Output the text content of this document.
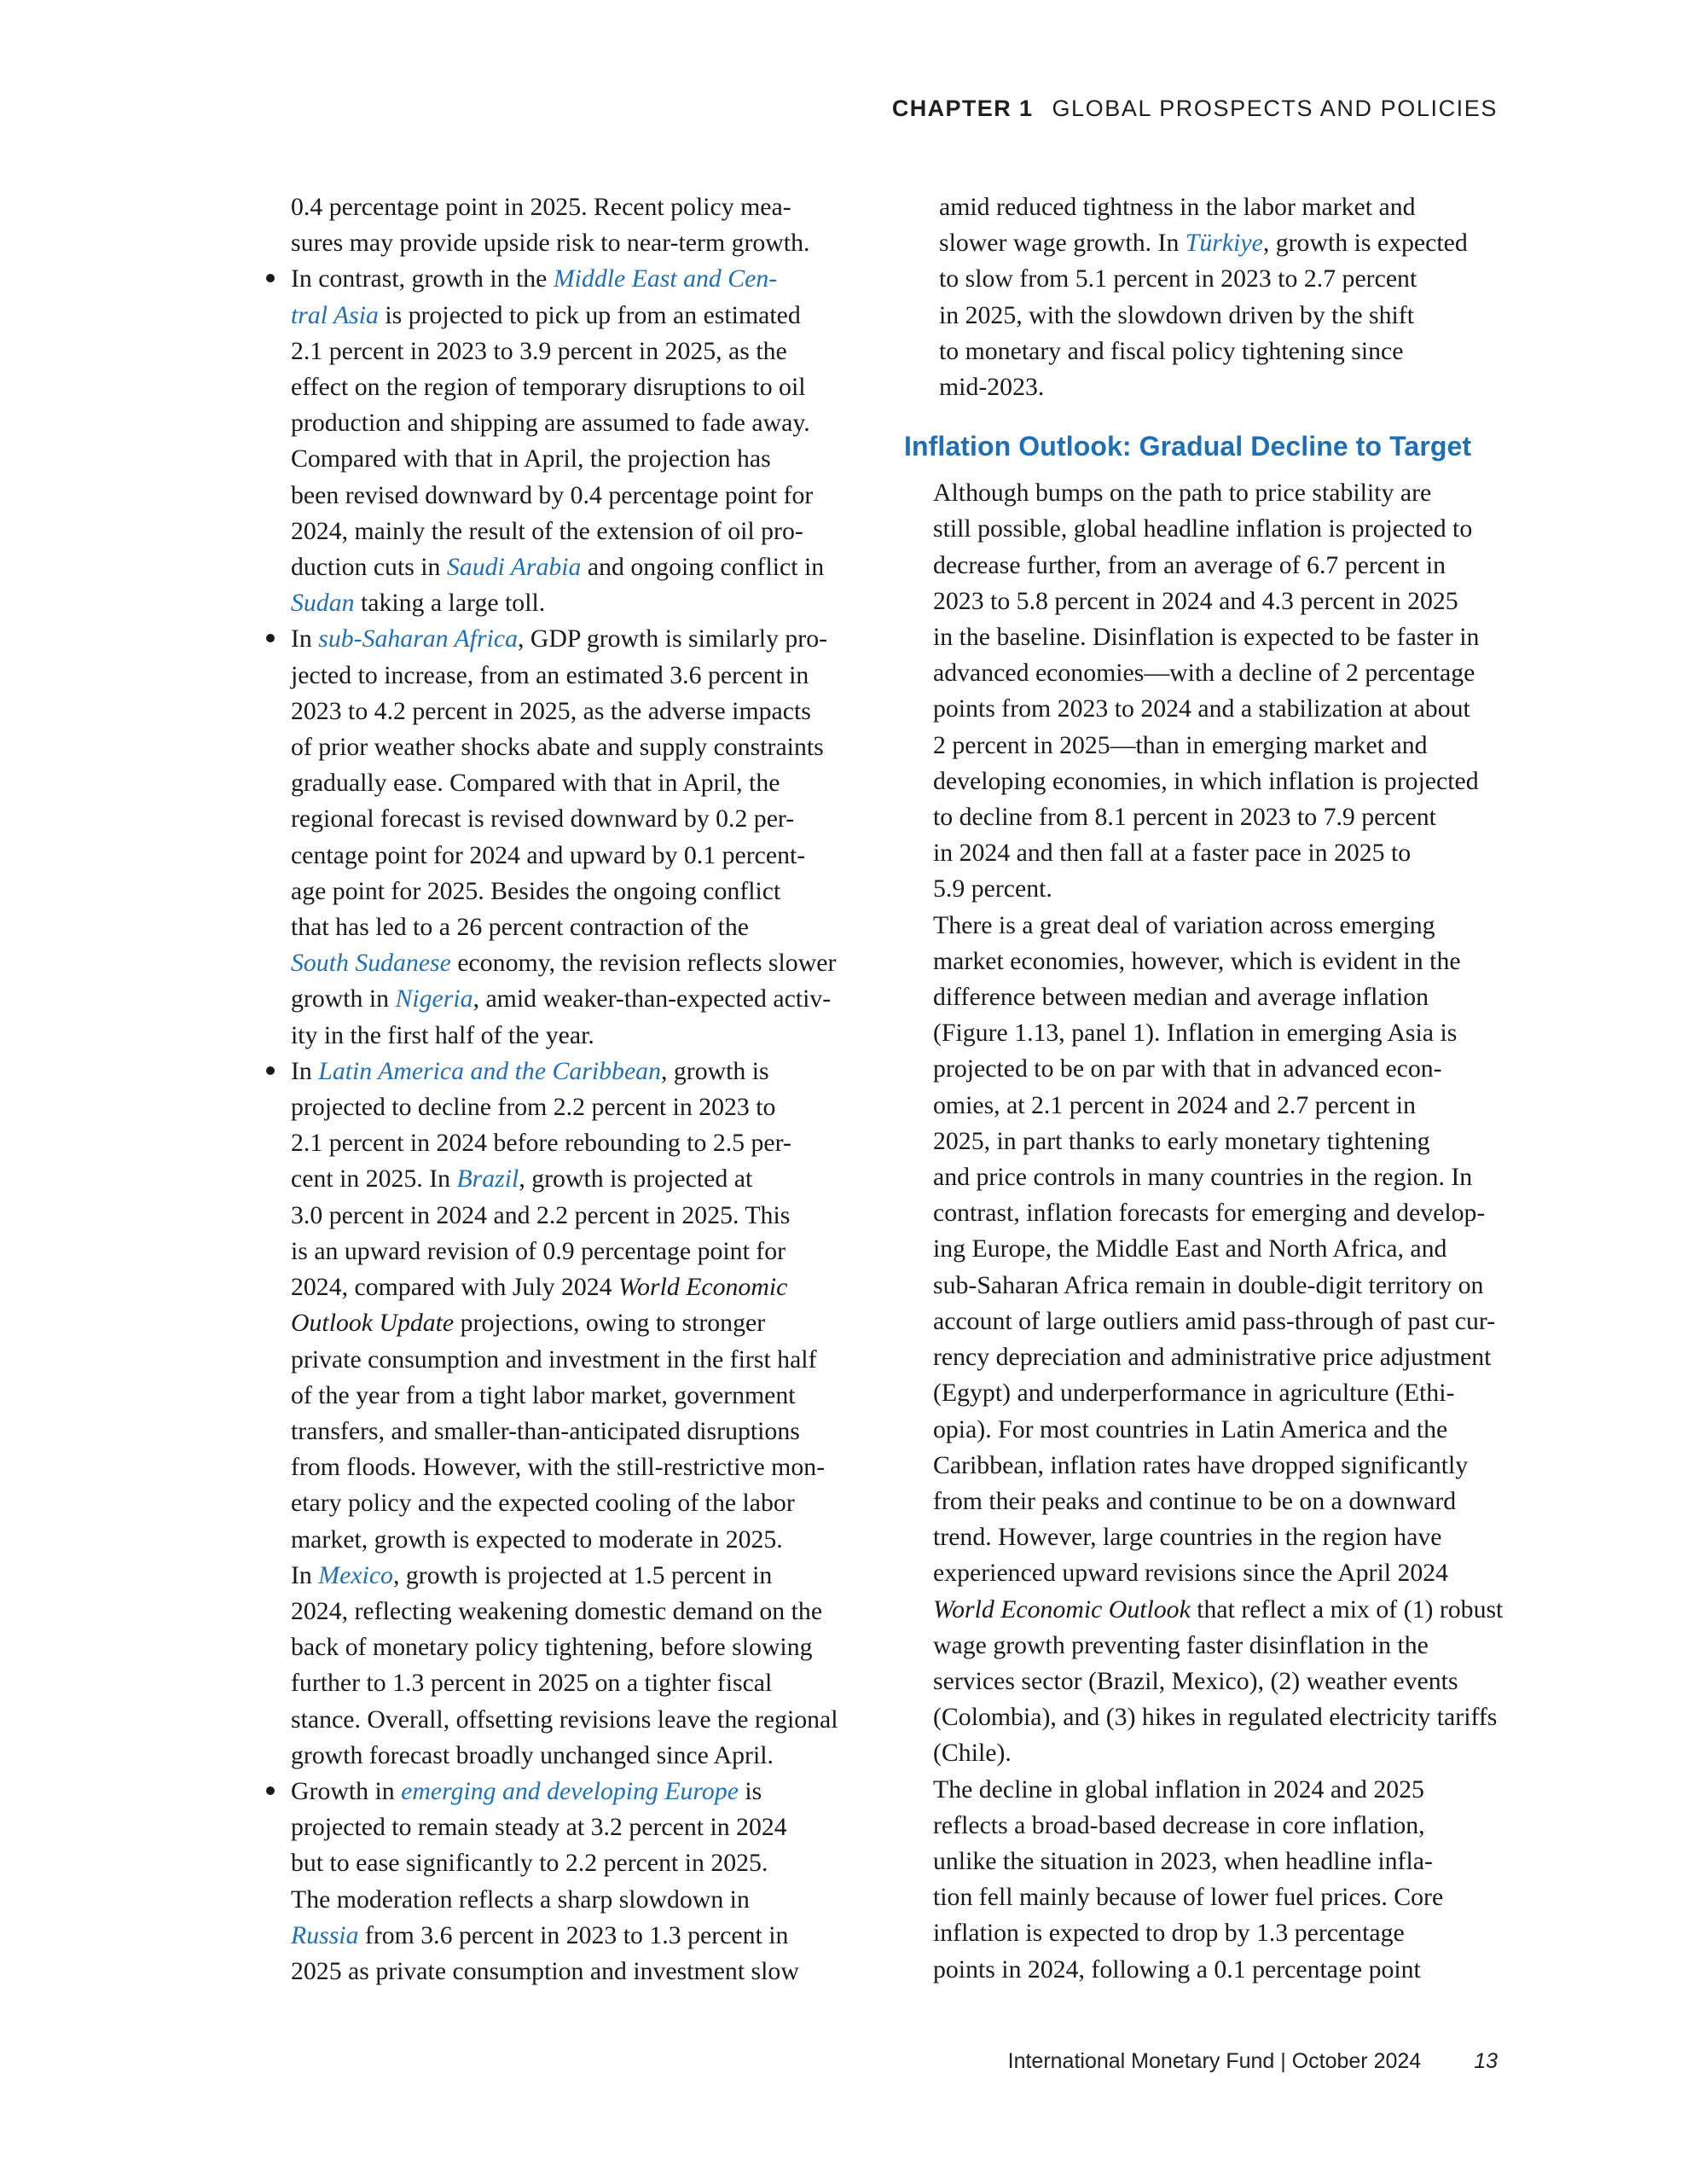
CHAPTER 1 GLOBAL PROSPECTS AND POLICIES
0.4 percentage point in 2025. Recent policy mea-
sures may provide upside risk to near-term growth.
In contrast, growth in the Middle East and Cen-
tral Asia is projected to pick up from an estimated
2.1 percent in 2023 to 3.9 percent in 2025, as the
effect on the region of temporary disruptions to oil
production and shipping are assumed to fade away.
Compared with that in April, the projection has
been revised downward by 0.4 percentage point for
2024, mainly the result of the extension of oil pro-
duction cuts in Saudi Arabia and ongoing conflict in
Sudan taking a large toll.
In sub-Saharan Africa, GDP growth is similarly pro-
jected to increase, from an estimated 3.6 percent in
2023 to 4.2 percent in 2025, as the adverse impacts
of prior weather shocks abate and supply constraints
gradually ease. Compared with that in April, the
regional forecast is revised downward by 0.2 per-
centage point for 2024 and upward by 0.1 percent-
age point for 2025. Besides the ongoing conflict
that has led to a 26 percent contraction of the
South Sudanese economy, the revision reflects slower
growth in Nigeria, amid weaker-than-expected activ-
ity in the first half of the year.
In Latin America and the Caribbean, growth is
projected to decline from 2.2 percent in 2023 to
2.1 percent in 2024 before rebounding to 2.5 per-
cent in 2025. In Brazil, growth is projected at
3.0 percent in 2024 and 2.2 percent in 2025. This
is an upward revision of 0.9 percentage point for
2024, compared with July 2024 World Economic
Outlook Update projections, owing to stronger
private consumption and investment in the first half
of the year from a tight labor market, government
transfers, and smaller-than-anticipated disruptions
from floods. However, with the still-restrictive mon-
etary policy and the expected cooling of the labor
market, growth is expected to moderate in 2025.
In Mexico, growth is projected at 1.5 percent in
2024, reflecting weakening domestic demand on the
back of monetary policy tightening, before slowing
further to 1.3 percent in 2025 on a tighter fiscal
stance. Overall, offsetting revisions leave the regional
growth forecast broadly unchanged since April.
Growth in emerging and developing Europe is
projected to remain steady at 3.2 percent in 2024
but to ease significantly to 2.2 percent in 2025.
The moderation reflects a sharp slowdown in
Russia from 3.6 percent in 2023 to 1.3 percent in
2025 as private consumption and investment slow
amid reduced tightness in the labor market and
slower wage growth. In Türkiye, growth is expected
to slow from 5.1 percent in 2023 to 2.7 percent
in 2025, with the slowdown driven by the shift
to monetary and fiscal policy tightening since
mid-2023.
Inflation Outlook: Gradual Decline to Target

Although bumps on the path to price stability are
still possible, global headline inflation is projected to
decrease further, from an average of 6.7 percent in
2023 to 5.8 percent in 2024 and 4.3 percent in 2025
in the baseline. Disinflation is expected to be faster in
advanced economies—with a decline of 2 percentage
points from 2023 to 2024 and a stabilization at about
2 percent in 2025—than in emerging market and
developing economies, in which inflation is projected
to decline from 8.1 percent in 2023 to 7.9 percent
in 2024 and then fall at a faster pace in 2025 to
5.9 percent.

There is a great deal of variation across emerging
market economies, however, which is evident in the
difference between median and average inflation
(Figure 1.13, panel 1). Inflation in emerging Asia is
projected to be on par with that in advanced econ-
omies, at 2.1 percent in 2024 and 2.7 percent in
2025, in part thanks to early monetary tightening
and price controls in many countries in the region. In
contrast, inflation forecasts for emerging and develop-
ing Europe, the Middle East and North Africa, and
sub-Saharan Africa remain in double-digit territory on
account of large outliers amid pass-through of past cur-
rency depreciation and administrative price adjustment
(Egypt) and underperformance in agriculture (Ethi-
opia). For most countries in Latin America and the
Caribbean, inflation rates have dropped significantly
from their peaks and continue to be on a downward
trend. However, large countries in the region have
experienced upward revisions since the April 2024
World Economic Outlook that reflect a mix of (1) robust
wage growth preventing faster disinflation in the
services sector (Brazil, Mexico), (2) weather events
(Colombia), and (3) hikes in regulated electricity tariffs
(Chile).

The decline in global inflation in 2024 and 2025
reflects a broad-based decrease in core inflation,
unlike the situation in 2023, when headline infla-
tion fell mainly because of lower fuel prices. Core
inflation is expected to drop by 1.3 percentage
points in 2024, following a 0.1 percentage point

International Monetary Fund | October 2024 13
